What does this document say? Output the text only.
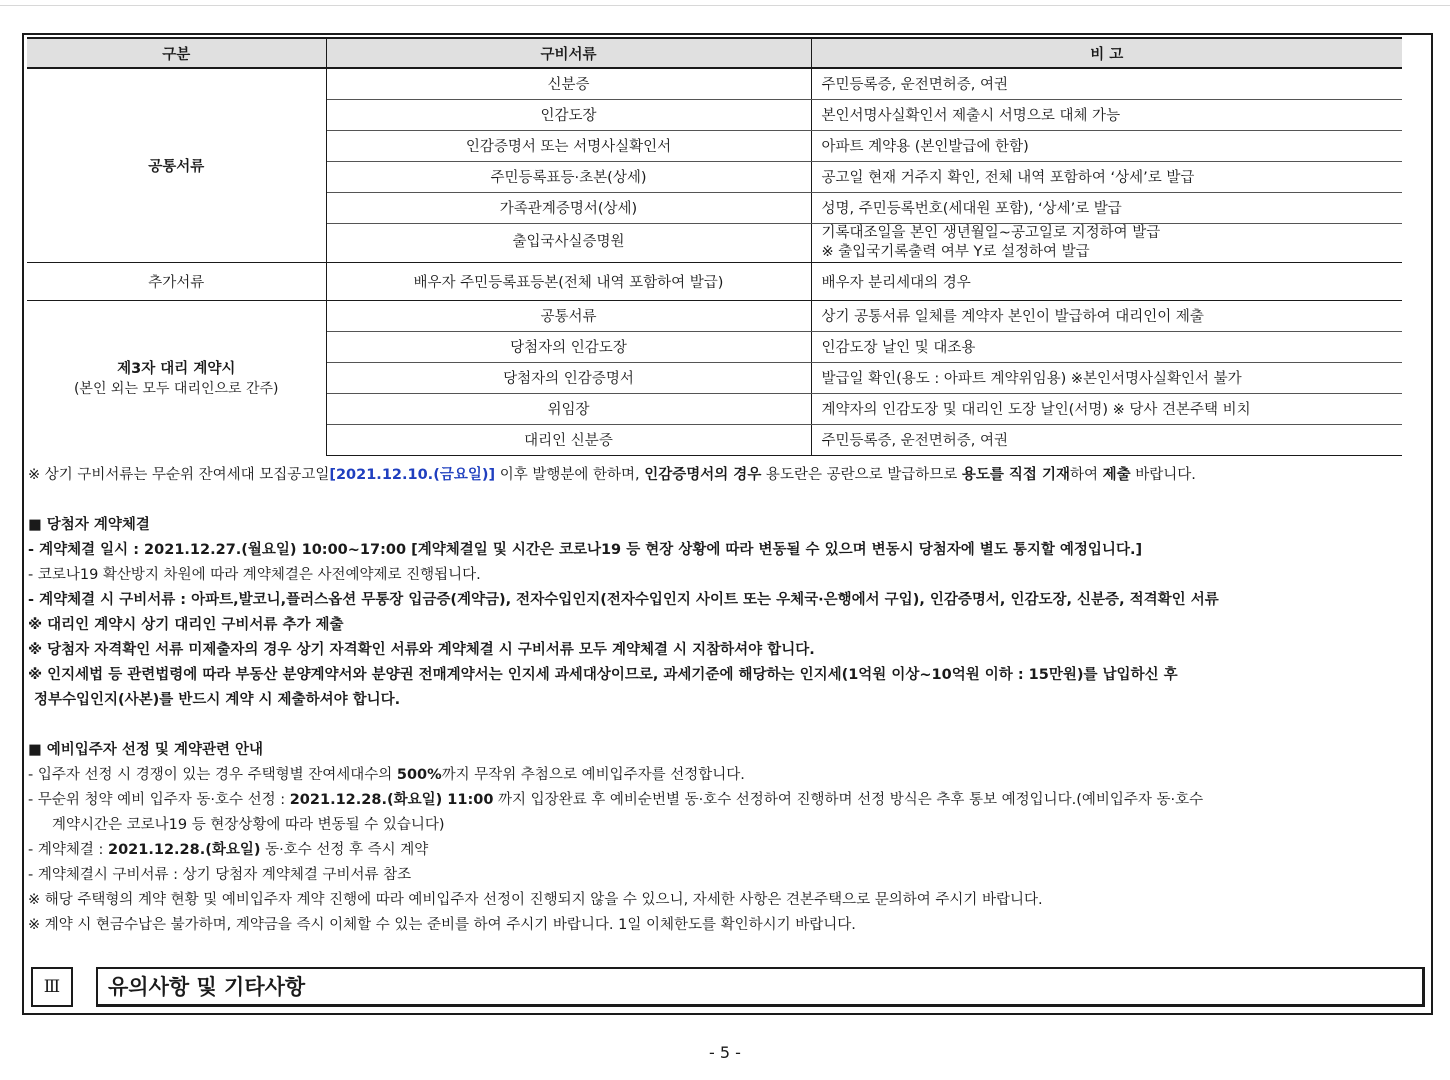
구분	구비서류	비 고
공통서류	신분증	주민등록증, 운전면허증, 여권
	인감도장	본인서명사실확인서 제출시 서명으로 대체 가능
	인감증명서 또는 서명사실확인서	아파트 계약용 (본인발급에 한함)
	주민등록표등·초본(상세)	공고일 현재 거주지 확인, 전체 내역 포함하여 ‘상세’로 발급
	가족관계증명서(상세)	성명, 주민등록번호(세대원 포함), ‘상세’로 발급
	출입국사실증명원	기록대조일을 본인 생년월일~공고일로 지정하여 발급
※ 출입국기록출력 여부 Y로 설정하여 발급

추가서류	배우자 주민등록표등본(전체 내역 포함하여 발급)	배우자 분리세대의 경우
제3자 대리 계약시
(본인 외는 모두 대리인으로 간주)	공통서류	상기 공통서류 일체를 계약자 본인이 발급하여 대리인이 제출
	당첨자의 인감도장	인감도장 날인 및 대조용
	당첨자의 인감증명서	발급일 확인(용도 : 아파트 계약위임용) ※본인서명사실확인서 불가
	위임장	계약자의 인감도장 및 대리인 도장 날인(서명) ※ 당사 견본주택 비치
	대리인 신분증	주민등록증, 운전면허증, 여권

※ 상기 구비서류는 무순위 잔여세대 모집공고일[2021.12.10.(금요일)] 이후 발행분에 한하며, 인감증명서의 경우 용도란은 공란으로 발급하므로 용도를 직접 기재하여 제출 바랍니다.

■ 당첨자 계약체결

- 계약체결 일시 : 2021.12.27.(월요일) 10:00~17:00 [계약체결일 및 시간은 코로나19 등 현장 상황에 따라 변동될 수 있으며 변동시 당첨자에 별도 통지할 예정입니다.]

- 코로나19 확산방지 차원에 따라 계약체결은 사전예약제로 진행됩니다.

- 계약체결 시 구비서류 : 아파트,발코니,플러스옵션 무통장 입금증(계약금), 전자수입인지(전자수입인지 사이트 또는 우체국·은행에서 구입), 인감증명서, 인감도장, 신분증, 적격확인 서류

※ 대리인 계약시 상기 대리인 구비서류 추가 제출

※ 당첨자 자격확인 서류 미제출자의 경우 상기 자격확인 서류와 계약체결 시 구비서류 모두 계약체결 시 지참하셔야 합니다.

※ 인지세법 등 관련법령에 따라 부동산 분양계약서와 분양권 전매계약서는 인지세 과세대상이므로, 과세기준에 해당하는 인지세(1억원 이상~10억원 이하 : 15만원)를 납입하신 후

정부수입인지(사본)를 반드시 계약 시 제출하셔야 합니다.

■ 예비입주자 선정 및 계약관련 안내

- 입주자 선정 시 경쟁이 있는 경우 주택형별 잔여세대수의 500%까지 무작위 추첨으로 예비입주자를 선정합니다.

- 무순위 청약 예비 입주자 동·호수 선정 : 2021.12.28.(화요일) 11:00 까지 입장완료 후 예비순번별 동·호수 선정하여 진행하며 선정 방식은 추후 통보 예정입니다.(예비입주자 동·호수

계약시간은 코로나19 등 현장상황에 따라 변동될 수 있습니다)

- 계약체결 : 2021.12.28.(화요일) 동·호수 선정 후 즉시 계약

- 계약체결시 구비서류 : 상기 당첨자 계약체결 구비서류 참조

※ 해당 주택형의 계약 현황 및 예비입주자 계약 진행에 따라 예비입주자 선정이 진행되지 않을 수 있으니, 자세한 사항은 견본주택으로 문의하여 주시기 바랍니다.

※ 계약 시 현금수납은 불가하며, 계약금을 즉시 이체할 수 있는 준비를 하여 주시기 바랍니다. 1일 이체한도를 확인하시기 바랍니다.

Ⅲ	유의사항 및 기타사항
- 5 -
